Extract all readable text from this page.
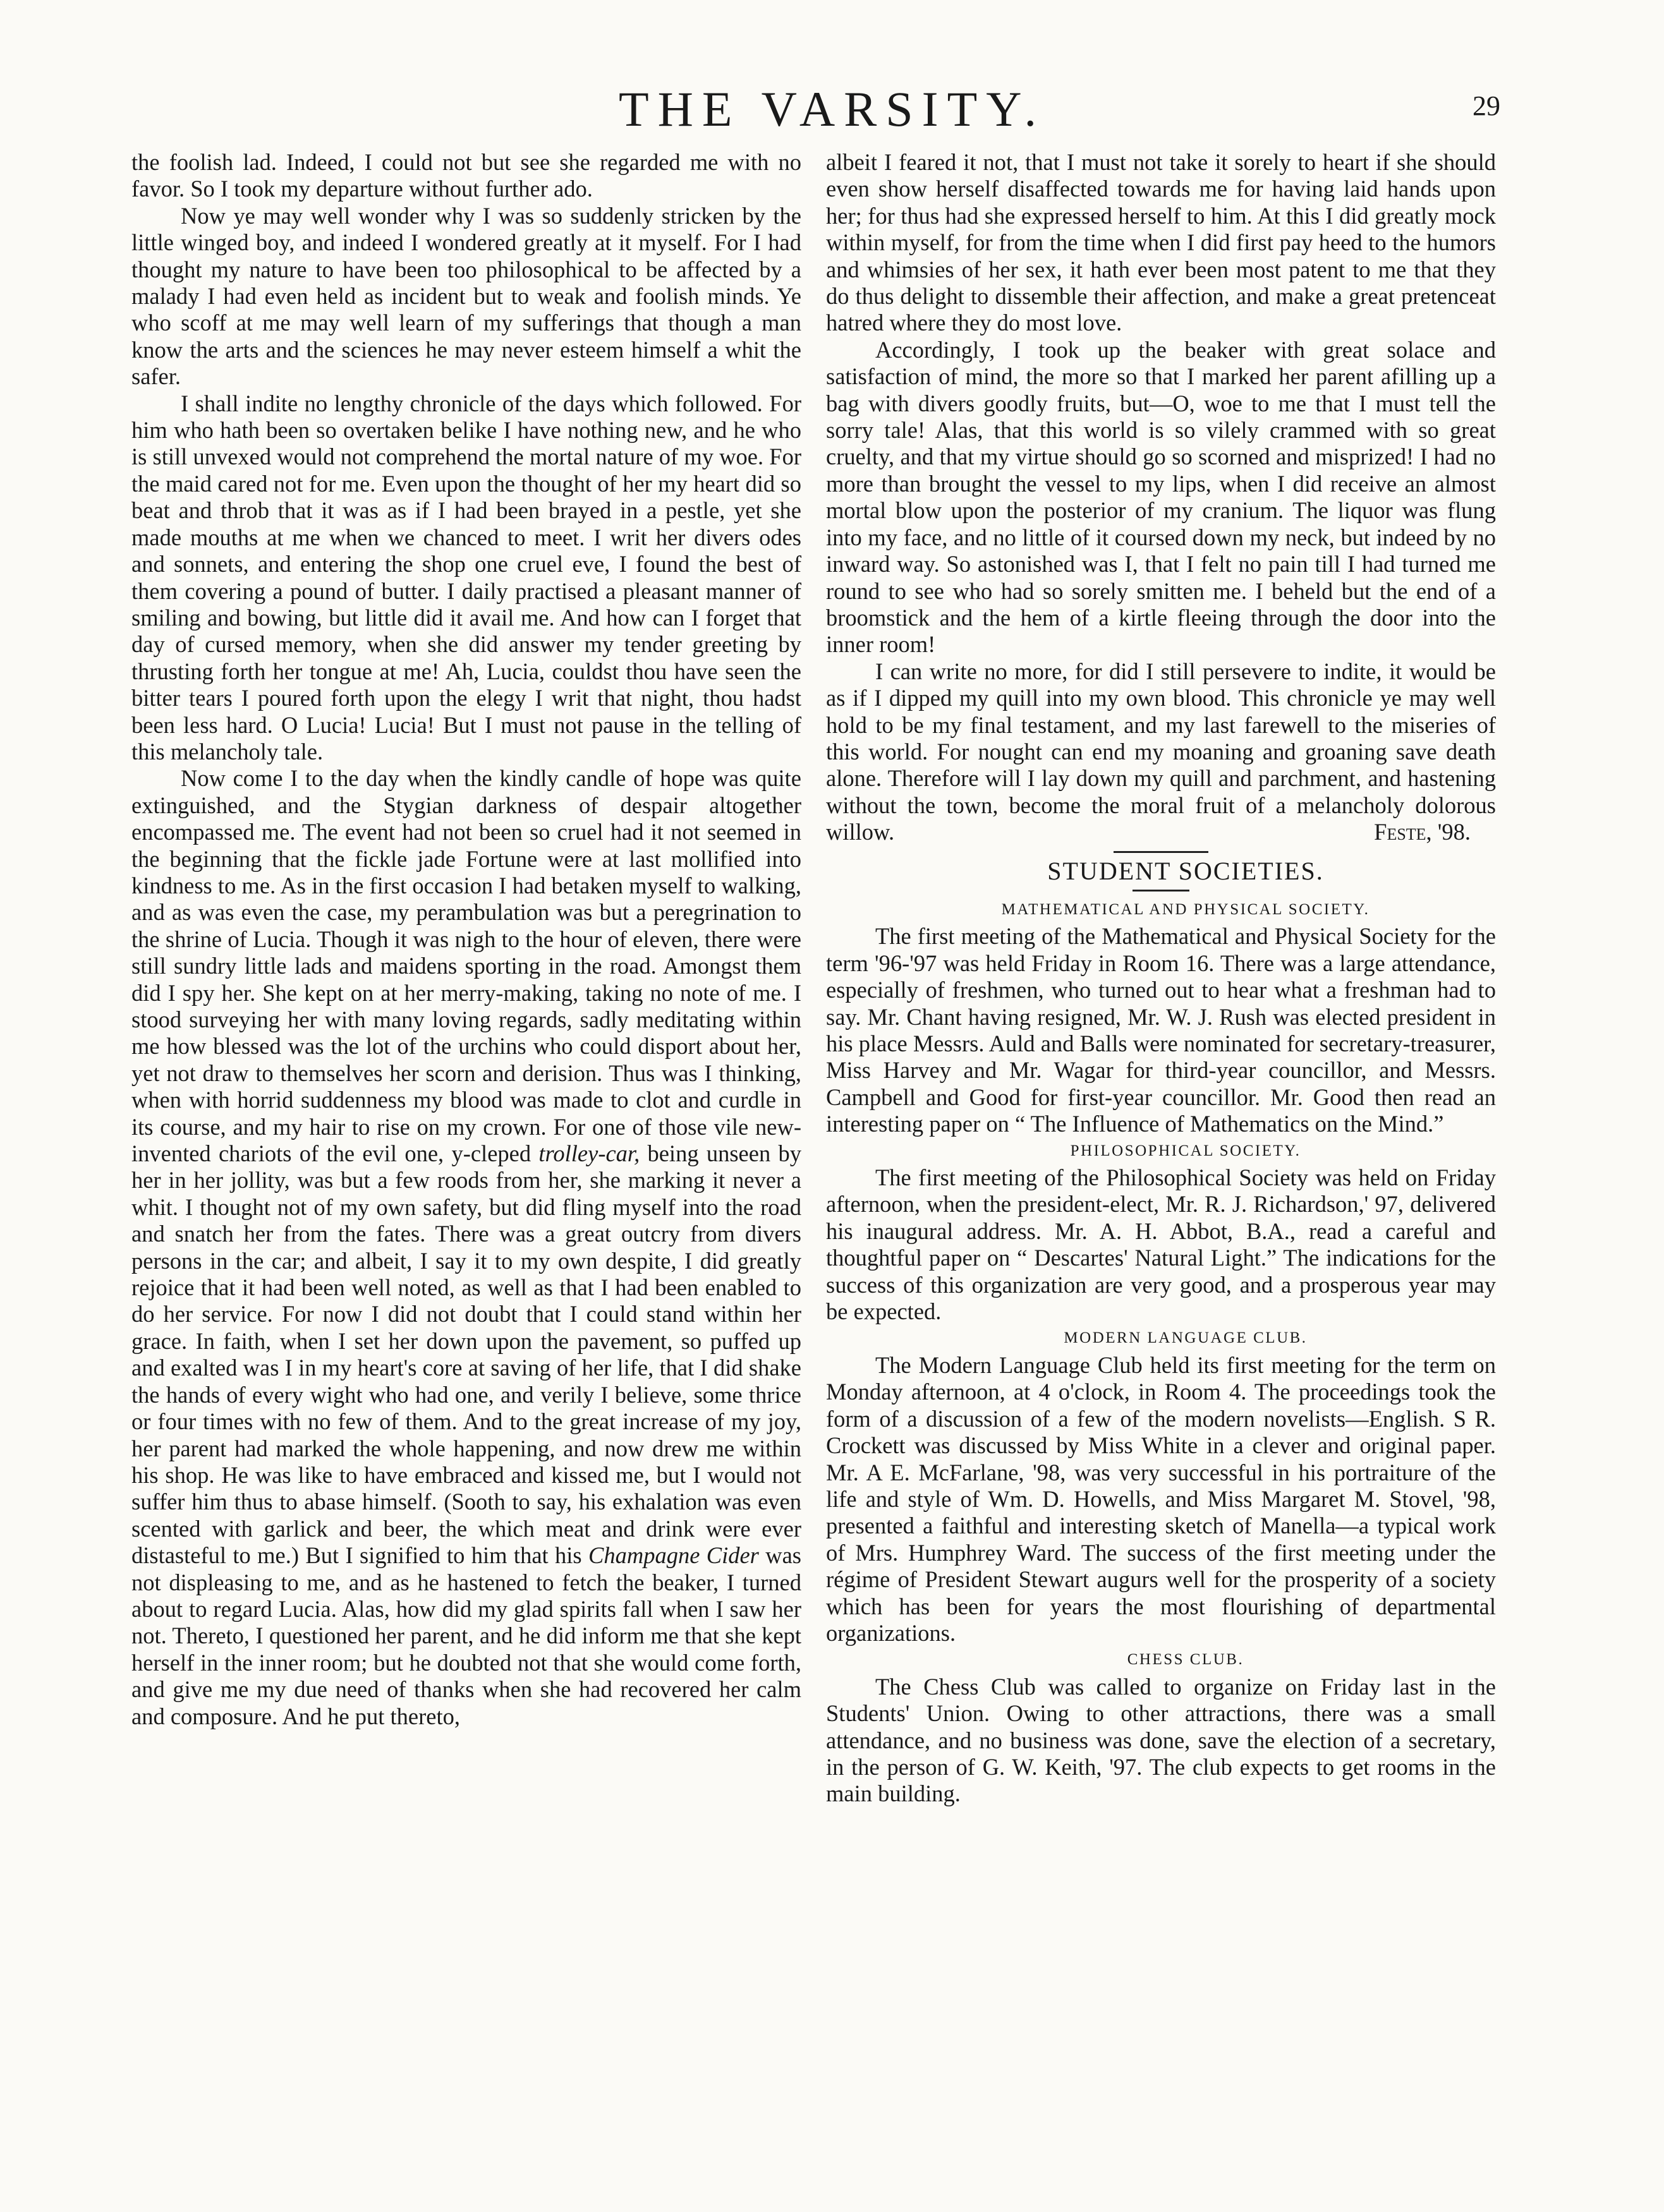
THE VARSITY.	29

the foolish lad. Indeed, I could not but see she regarded me with no favor. So I took my departure without further ado.

Now ye may well wonder why I was so suddenly stricken by the little winged boy, and indeed I wondered greatly at it myself. For I had thought my nature to have been too philosophical to be affected by a malady I had even held as incident but to weak and foolish minds. Ye who scoff at me may well learn of my sufferings that though a man know the arts and the sciences he may never esteem himself a whit the safer.

I shall indite no lengthy chronicle of the days which followed. For him who hath been so overtaken belike I have nothing new, and he who is still unvexed would not comprehend the mortal nature of my woe. For the maid cared not for me. Even upon the thought of her my heart did so beat and throb that it was as if I had been brayed in a pestle, yet she made mouths at me when we chanced to meet. I writ her divers odes and sonnets, and entering the shop one cruel eve, I found the best of them covering a pound of butter. I daily practised a pleasant manner of smiling and bowing, but little did it avail me. And how can I forget that day of cursed memory, when she did answer my tender greeting by thrusting forth her tongue at me! Ah, Lucia, couldst thou have seen the bitter tears I poured forth upon the elegy I writ that night, thou hadst been less hard. O Lucia! Lucia! But I must not pause in the telling of this melancholy tale.

Now come I to the day when the kindly candle of hope was quite extinguished, and the Stygian darkness of despair altogether encompassed me. The event had not been so cruel had it not seemed in the beginning that the fickle jade Fortune were at last mollified into kindness to me. As in the first occasion I had betaken myself to walking, and as was even the case, my perambulation was but a peregrination to the shrine of Lucia. Though it was nigh to the hour of eleven, there were still sundry little lads and maidens sporting in the road. Amongst them did I spy her. She kept on at her merry-making, taking no note of me. I stood surveying her with many loving regards, sadly meditating within me how blessed was the lot of the urchins who could disport about her, yet not draw to themselves her scorn and derision. Thus was I thinking, when with horrid suddenness my blood was made to clot and curdle in its course, and my hair to rise on my crown. For one of those vile new-invented chariots of the evil one, y-cleped trolley-car, being unseen by her in her jollity, was but a few roods from her, she marking it never a whit. I thought not of my own safety, but did fling myself into the road and snatch her from the fates. There was a great outcry from divers persons in the car; and albeit, I say it to my own despite, I did greatly rejoice that it had been well noted, as well as that I had been enabled to do her service. For now I did not doubt that I could stand within her grace. In faith, when I set her down upon the pavement, so puffed up and exalted was I in my heart's core at saving of her life, that I did shake the hands of every wight who had one, and verily I believe, some thrice or four times with no few of them. And to the great increase of my joy, her parent had marked the whole happening, and now drew me within his shop. He was like to have embraced and kissed me, but I would not suffer him thus to abase himself. (Sooth to say, his exhalation was even scented with garlick and beer, the which meat and drink were ever distasteful to me.) But I signified to him that his Champagne Cider was not displeasing to me, and as he hastened to fetch the beaker, I turned about to regard Lucia. Alas, how did my glad spirits fall when I saw her not. Thereto, I questioned her parent, and he did inform me that she kept herself in the inner room; but he doubted not that she would come forth, and give me my due need of thanks when she had recovered her calm and composure. And he put thereto,

albeit I feared it not, that I must not take it sorely to heart if she should even show herself disaffected towards me for having laid hands upon her; for thus had she expressed herself to him. At this I did greatly mock within myself, for from the time when I did first pay heed to the humors and whimsies of her sex, it hath ever been most patent to me that they do thus delight to dissemble their affection, and make a great pretenceat hatred where they do most love.

Accordingly, I took up the beaker with great solace and satisfaction of mind, the more so that I marked her parent afilling up a bag with divers goodly fruits, but—O, woe to me that I must tell the sorry tale! Alas, that this world is so vilely crammed with so great cruelty, and that my virtue should go so scorned and misprized! I had no more than brought the vessel to my lips, when I did receive an almost mortal blow upon the posterior of my cranium. The liquor was flung into my face, and no little of it coursed down my neck, but indeed by no inward way. So astonished was I, that I felt no pain till I had turned me round to see who had so sorely smitten me. I beheld but the end of a broomstick and the hem of a kirtle fleeing through the door into the inner room!

I can write no more, for did I still persevere to indite, it would be as if I dipped my quill into my own blood. This chronicle ye may well hold to be my final testament, and my last farewell to the miseries of this world. For nought can end my moaning and groaning save death alone. Therefore will I lay down my quill and parchment, and hastening without the town, become the moral fruit of a melancholy dolorous willow.	Feste, '98.

STUDENT SOCIETIES.

MATHEMATICAL AND PHYSICAL SOCIETY.

The first meeting of the Mathematical and Physical Society for the term '96-'97 was held Friday in Room 16. There was a large attendance, especially of freshmen, who turned out to hear what a freshman had to say. Mr. Chant having resigned, Mr. W. J. Rush was elected president in his place Messrs. Auld and Balls were nominated for secretary-treasurer, Miss Harvey and Mr. Wagar for third-year councillor, and Messrs. Campbell and Good for first-year councillor. Mr. Good then read an interesting paper on “ The Influence of Mathematics on the Mind.”

PHILOSOPHICAL SOCIETY.

The first meeting of the Philosophical Society was held on Friday afternoon, when the president-elect, Mr. R. J. Richardson,' 97, delivered his inaugural address. Mr. A. H. Abbot, B.A., read a careful and thoughtful paper on “ Descartes' Natural Light.” The indications for the success of this organization are very good, and a prosperous year may be expected.

MODERN LANGUAGE CLUB.

The Modern Language Club held its first meeting for the term on Monday afternoon, at 4 o'clock, in Room 4. The proceedings took the form of a discussion of a few of the modern novelists—English. S R. Crockett was discussed by Miss White in a clever and original paper. Mr. A E. McFarlane, '98, was very successful in his portraiture of the life and style of Wm. D. Howells, and Miss Margaret M. Stovel, '98, presented a faithful and interesting sketch of Manella—a typical work of Mrs. Humphrey Ward. The success of the first meeting under the régime of President Stewart augurs well for the prosperity of a society which has been for years the most flourishing of departmental organizations.

CHESS CLUB.

The Chess Club was called to organize on Friday last in the Students' Union. Owing to other attractions, there was a small attendance, and no business was done, save the election of a secretary, in the person of G. W. Keith, '97. The club expects to get rooms in the main building.
